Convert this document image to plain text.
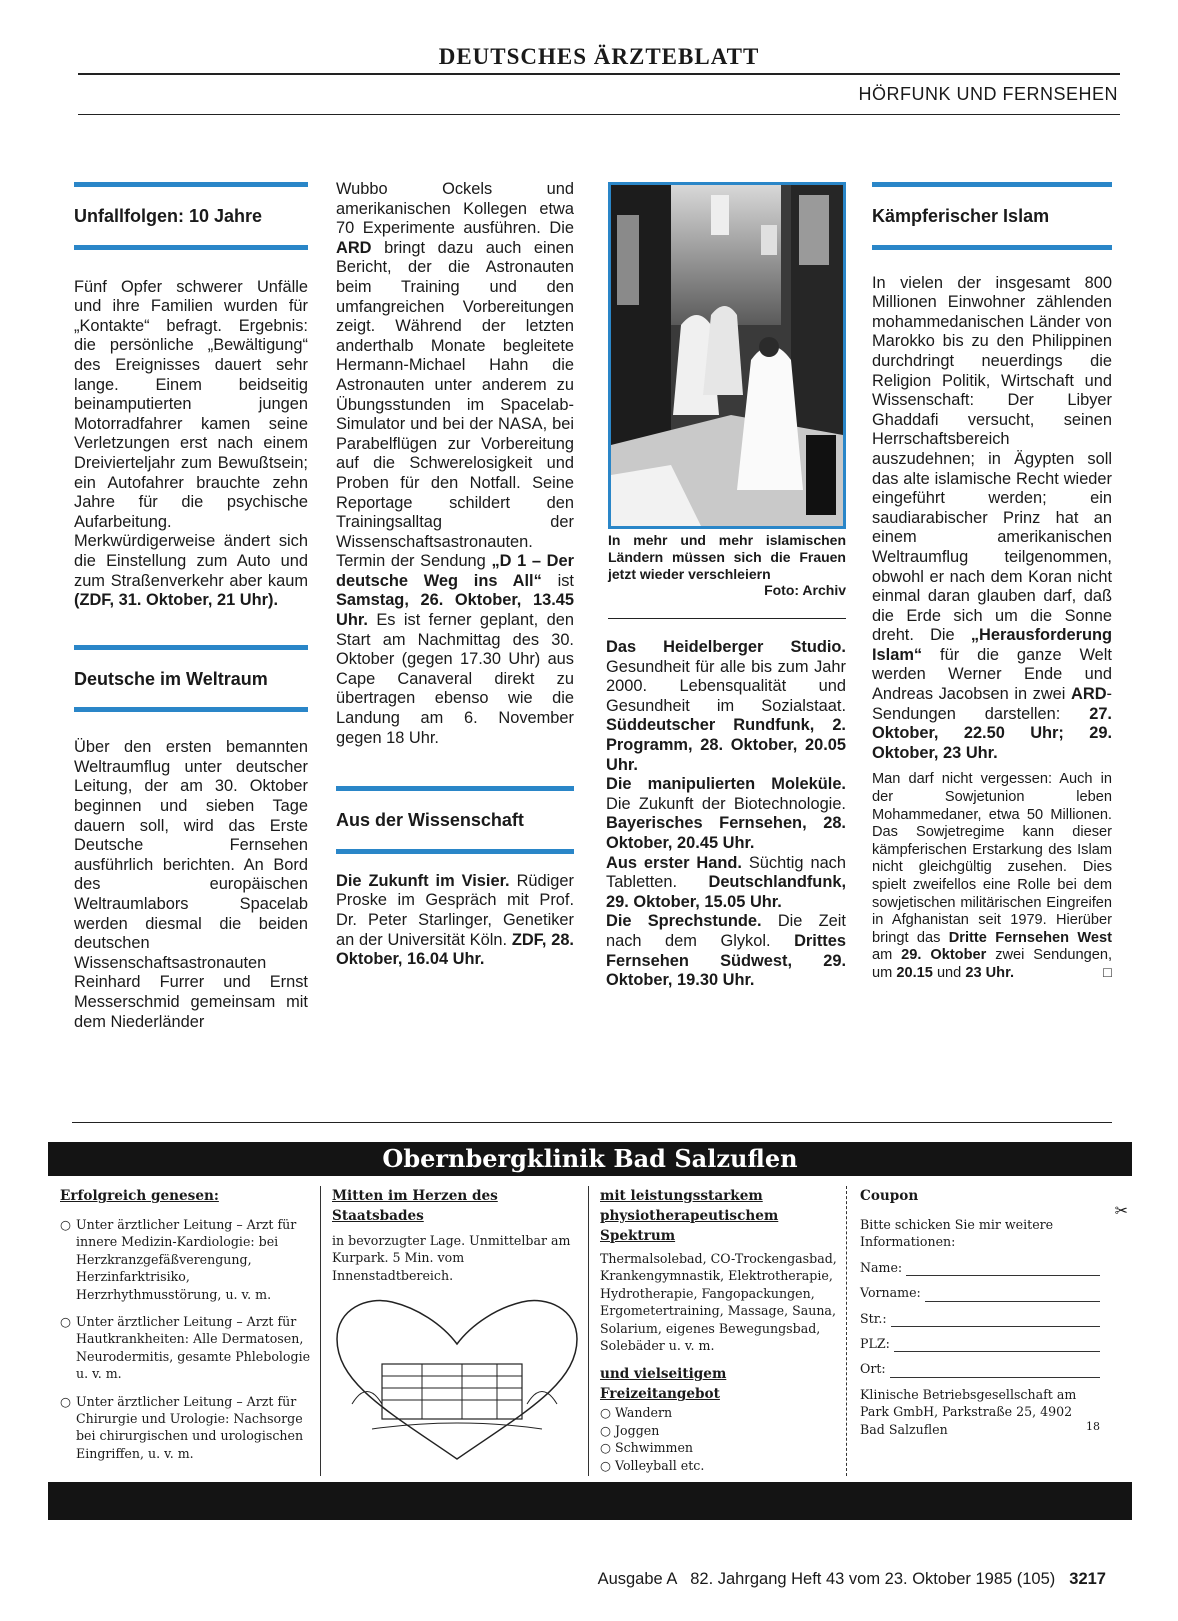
DEUTSCHES ÄRZTEBLATT
HÖRFUNK UND FERNSEHEN
Unfallfolgen: 10 Jahre

Fünf Opfer schwerer Unfälle und ihre Familien wurden für „Kontakte“ befragt. Ergebnis: die persönliche „Bewältigung“ des Ereignisses dauert sehr lange. Einem beidseitig beinamputierten jungen Motorradfahrer kamen seine Verletzungen erst nach einem Dreivierteljahr zum Bewußtsein; ein Autofahrer brauchte zehn Jahre für die psychische Aufarbeitung. Merkwürdigerweise ändert sich die Einstellung zum Auto und zum Straßenverkehr aber kaum (ZDF, 31. Oktober, 21 Uhr).

Deutsche im Weltraum

Über den ersten bemannten Weltraumflug unter deutscher Leitung, der am 30. Oktober beginnen und sieben Tage dauern soll, wird das Erste Deutsche Fernsehen ausführlich berichten. An Bord des europäischen Weltraumlabors Spacelab werden diesmal die beiden deutschen Wissenschaftsastronauten Reinhard Furrer und Ernst Messerschmid gemeinsam mit dem Niederländer

Wubbo Ockels und amerikanischen Kollegen etwa 70 Experimente ausführen. Die ARD bringt dazu auch einen Bericht, der die Astronauten beim Training und den umfangreichen Vorbereitungen zeigt. Während der letzten anderthalb Monate begleitete Hermann-Michael Hahn die Astronauten unter anderem zu Übungsstunden im Spacelab-Simulator und bei der NASA, bei Parabelflügen zur Vorbereitung auf die Schwerelosigkeit und Proben für den Notfall. Seine Reportage schildert den Trainingsalltag der Wissenschaftsastronauten. Termin der Sendung „D 1 – Der deutsche Weg ins All“ ist Samstag, 26. Oktober, 13.45 Uhr. Es ist ferner geplant, den Start am Nachmittag des 30. Oktober (gegen 17.30 Uhr) aus Cape Canaveral direkt zu übertragen ebenso wie die Landung am 6. November gegen 18 Uhr.

Aus der Wissenschaft

Die Zukunft im Visier. Rüdiger Proske im Gespräch mit Prof. Dr. Peter Starlinger, Genetiker an der Universität Köln. ZDF, 28. Oktober, 16.04 Uhr.

In mehr und mehr islamischen Ländern müssen sich die Frauen jetzt wieder verschleiern
Foto: Archiv

Das Heidelberger Studio. Gesundheit für alle bis zum Jahr 2000. Lebensqualität und Gesundheit im Sozialstaat. Süddeutscher Rundfunk, 2. Programm, 28. Oktober, 20.05 Uhr.

Die manipulierten Moleküle. Die Zukunft der Biotechnologie. Bayerisches Fernsehen, 28. Oktober, 20.45 Uhr.

Aus erster Hand. Süchtig nach Tabletten. Deutschlandfunk, 29. Oktober, 15.05 Uhr.

Die Sprechstunde. Die Zeit nach dem Glykol. Drittes Fernsehen Südwest, 29. Oktober, 19.30 Uhr.

Kämpferischer Islam

In vielen der insgesamt 800 Millionen Einwohner zählenden mohammedanischen Länder von Marokko bis zu den Philippinen durchdringt neuerdings die Religion Politik, Wirtschaft und Wissenschaft: Der Libyer Ghaddafi versucht, seinen Herrschaftsbereich auszudehnen; in Ägypten soll das alte islamische Recht wieder eingeführt werden; ein saudiarabischer Prinz hat an einem amerikanischen Weltraumflug teilgenommen, obwohl er nach dem Koran nicht einmal daran glauben darf, daß die Erde sich um die Sonne dreht. Die „Herausforderung Islam“ für die ganze Welt werden Werner Ende und Andreas Jacobsen in zwei ARD-Sendungen darstellen: 27. Oktober, 22.50 Uhr; 29. Oktober, 23 Uhr.

Man darf nicht vergessen: Auch in der Sowjetunion leben Mohammedaner, etwa 50 Millionen. Das Sowjetregime kann dieser kämpferischen Erstarkung des Islam nicht gleichgültig zusehen. Dies spielt zweifellos eine Rolle bei dem sowjetischen militärischen Eingreifen in Afghanistan seit 1979. Hierüber bringt das Dritte Fernsehen West am 29. Oktober zwei Sendungen, um 20.15 und 23 Uhr.	□

Obernbergklinik Bad Salzuflen
Erfolgreich genesen:
○ Unter ärztlicher Leitung – Arzt für innere Medizin-Kardiologie: bei Herzkranzgefäßverengung, Herzinfarktrisiko, Herzrhythmusstörung, u. v. m.
○ Unter ärztlicher Leitung – Arzt für Hautkrankheiten: Alle Dermatosen, Neurodermitis, gesamte Phlebologie u. v. m.
○ Unter ärztlicher Leitung – Arzt für Chirurgie und Urologie: Nachsorge bei chirurgischen und urologischen Eingriffen, u. v. m.
Mitten im Herzen des Staatsbades

in bevorzugter Lage. Unmittelbar am Kurpark. 5 Min. vom Innenstadtbereich.

mit leistungsstarkem physiotherapeutischem Spektrum

Thermalsolebad, CO-Trockengasbad, Krankengymnastik, Elektrotherapie, Hydrotherapie, Fangopackungen, Ergometertraining, Massage, Sauna, Solarium, eigenes Bewegungsbad, Solebäder u. v. m.

und vielseitigem Freizeitangebot
○ Wandern
○ Joggen
○ Schwimmen
○ Volleyball etc.
Coupon
✂

Bitte schicken Sie mir weitere Informationen:

Name:
Vorname:
Str.:
PLZ:
Ort:
18

Klinische Betriebsgesellschaft am Park GmbH, Parkstraße 25, 4902 Bad Salzuflen

Ausgabe A   82. Jahrgang Heft 43 vom 23. Oktober 1985 (105) 3217
